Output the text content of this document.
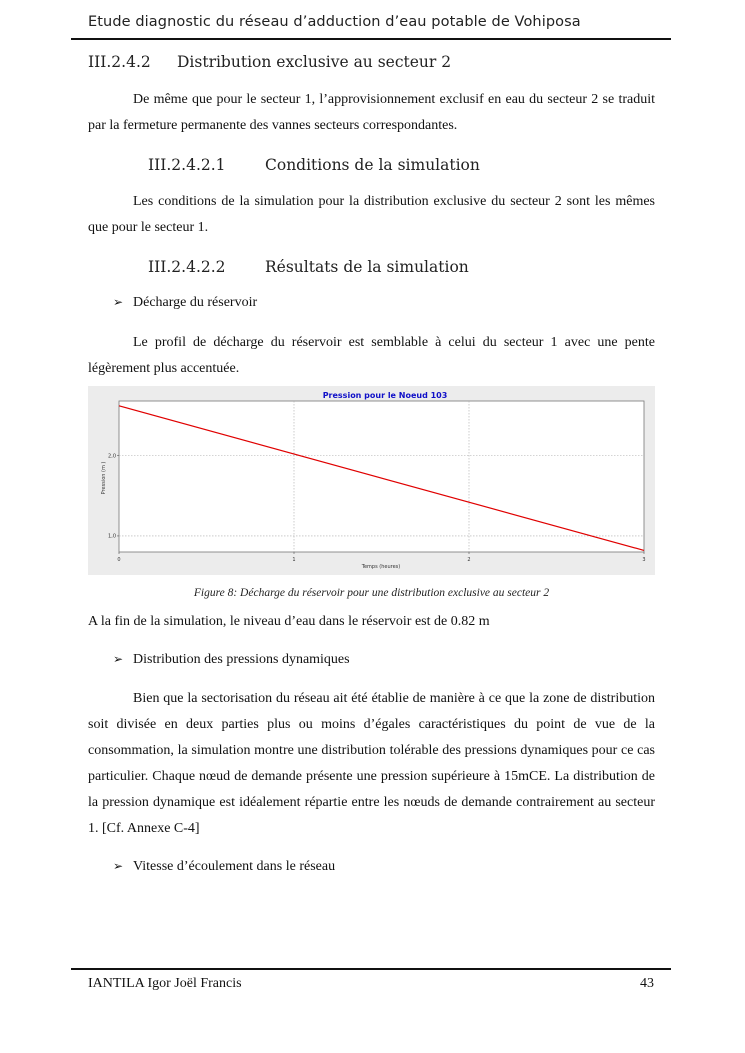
Etude diagnostic du réseau d’adduction d’eau potable de Vohiposa
III.2.4.2 Distribution exclusive au secteur 2

De même que pour le secteur 1, l’approvisionnement exclusif en eau du secteur 2 se traduit par la fermeture permanente des vannes secteurs correspondantes.

III.2.4.2.1	Conditions de la simulation

Les conditions de la simulation pour la distribution exclusive du secteur 2 sont les mêmes que pour le secteur 1.

III.2.4.2.2	Résultats de la simulation
➢ Décharge du réservoir

Le profil de décharge du réservoir est semblable à celui du secteur 1 avec une pente légèrement plus accentuée.

0	1	2	3
1,0
2,0
Pression pour le Noeud 103
Temps (heures)
Pression (m )
Figure 8: Décharge du réservoir pour une distribution exclusive au secteur 2
A la fin de la simulation, le niveau d’eau dans le réservoir est de 0.82 m
➢ Distribution des pressions dynamiques

Bien que la sectorisation du réseau ait été établie de manière à ce que la zone de distribution soit divisée en deux parties plus ou moins d’égales caractéristiques du point de vue de la consommation, la simulation montre une distribution tolérable des pressions dynamiques pour ce cas particulier. Chaque nœud de demande présente une pression supérieure à 15mCE. La distribution de la pression dynamique est idéalement répartie entre les nœuds de demande contrairement au secteur 1. [Cf. Annexe C-4]

➢ Vitesse d’écoulement dans le réseau
IANTILA Igor Joël Francis	43
